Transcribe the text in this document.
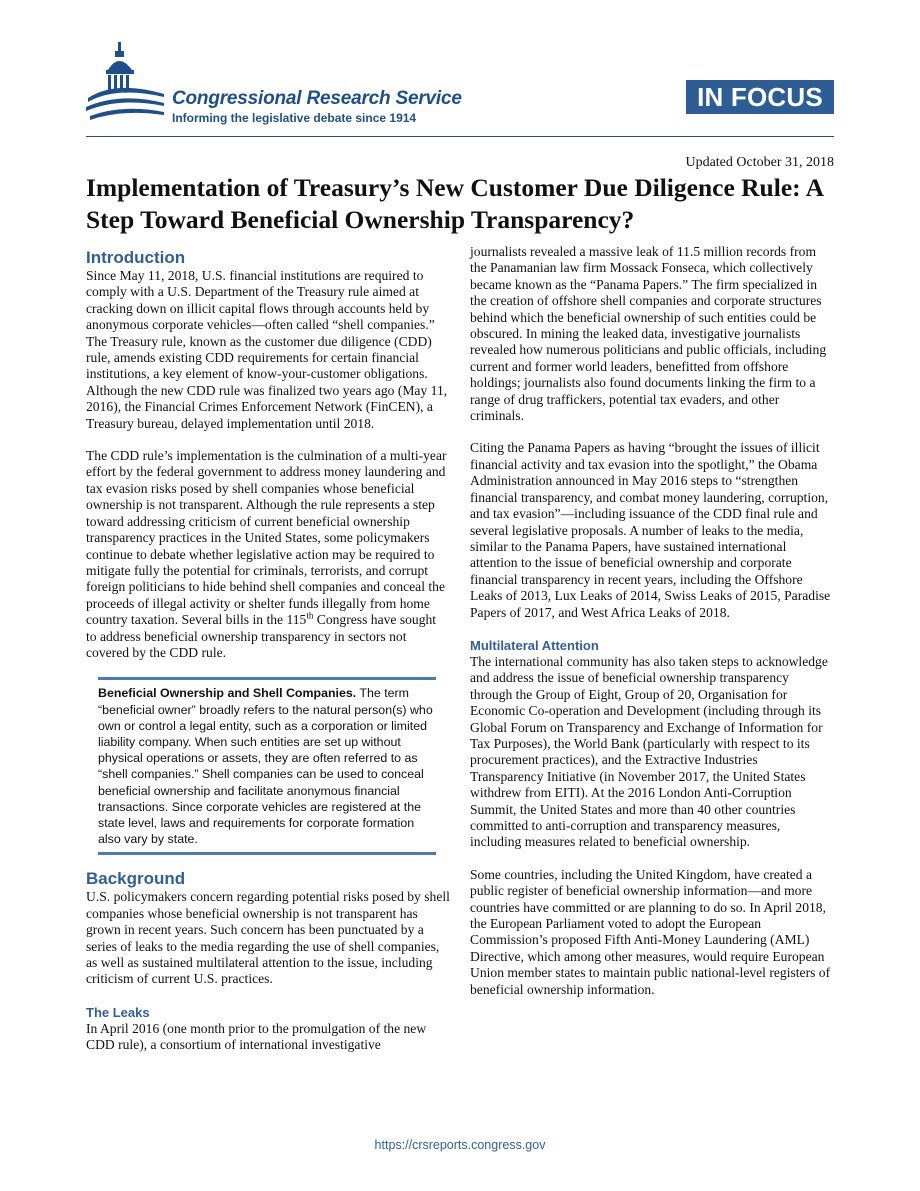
Congressional Research Service
Informing the legislative debate since 1914
IN FOCUS
Updated October 31, 2018
Implementation of Treasury’s New Customer Due Diligence Rule: A Step Toward Beneficial Ownership Transparency?
Introduction

Since May 11, 2018, U.S. financial institutions are required to comply with a U.S. Department of the Treasury rule aimed at cracking down on illicit capital flows through accounts held by anonymous corporate vehicles—often called “shell companies.” The Treasury rule, known as the customer due diligence (CDD) rule, amends existing CDD requirements for certain financial institutions, a key element of know-your-customer obligations. Although the new CDD rule was finalized two years ago (May 11, 2016), the Financial Crimes Enforcement Network (FinCEN), a Treasury bureau, delayed implementation until 2018.

The CDD rule’s implementation is the culmination of a multi-year effort by the federal government to address money laundering and tax evasion risks posed by shell companies whose beneficial ownership is not transparent. Although the rule represents a step toward addressing criticism of current beneficial ownership transparency practices in the United States, some policymakers continue to debate whether legislative action may be required to mitigate fully the potential for criminals, terrorists, and corrupt foreign politicians to hide behind shell companies and conceal the proceeds of illegal activity or shelter funds illegally from home country taxation. Several bills in the 115th Congress have sought to address beneficial ownership transparency in sectors not covered by the CDD rule.

Beneficial Ownership and Shell Companies. The term “beneficial owner” broadly refers to the natural person(s) who own or control a legal entity, such as a corporation or limited liability company. When such entities are set up without physical operations or assets, they are often referred to as “shell companies.” Shell companies can be used to conceal beneficial ownership and facilitate anonymous financial transactions. Since corporate vehicles are registered at the state level, laws and requirements for corporate formation also vary by state.
Background

U.S. policymakers concern regarding potential risks posed by shell companies whose beneficial ownership is not transparent has grown in recent years. Such concern has been punctuated by a series of leaks to the media regarding the use of shell companies, as well as sustained multilateral attention to the issue, including criticism of current U.S. practices.

The Leaks

In April 2016 (one month prior to the promulgation of the new CDD rule), a consortium of international investigative

journalists revealed a massive leak of 11.5 million records from the Panamanian law firm Mossack Fonseca, which collectively became known as the “Panama Papers.” The firm specialized in the creation of offshore shell companies and corporate structures behind which the beneficial ownership of such entities could be obscured. In mining the leaked data, investigative journalists revealed how numerous politicians and public officials, including current and former world leaders, benefitted from offshore holdings; journalists also found documents linking the firm to a range of drug traffickers, potential tax evaders, and other criminals.

Citing the Panama Papers as having “brought the issues of illicit financial activity and tax evasion into the spotlight,” the Obama Administration announced in May 2016 steps to “strengthen financial transparency, and combat money laundering, corruption, and tax evasion”—including issuance of the CDD final rule and several legislative proposals. A number of leaks to the media, similar to the Panama Papers, have sustained international attention to the issue of beneficial ownership and corporate financial transparency in recent years, including the Offshore Leaks of 2013, Lux Leaks of 2014, Swiss Leaks of 2015, Paradise Papers of 2017, and West Africa Leaks of 2018.

Multilateral Attention

The international community has also taken steps to acknowledge and address the issue of beneficial ownership transparency through the Group of Eight, Group of 20, Organisation for Economic Co-operation and Development (including through its Global Forum on Transparency and Exchange of Information for Tax Purposes), the World Bank (particularly with respect to its procurement practices), and the Extractive Industries Transparency Initiative (in November 2017, the United States withdrew from EITI). At the 2016 London Anti-Corruption Summit, the United States and more than 40 other countries committed to anti-corruption and transparency measures, including measures related to beneficial ownership.

Some countries, including the United Kingdom, have created a public register of beneficial ownership information—and more countries have committed or are planning to do so. In April 2018, the European Parliament voted to adopt the European Commission’s proposed Fifth Anti-Money Laundering (AML) Directive, which among other measures, would require European Union member states to maintain public national-level registers of beneficial ownership information.

https://crsreports.congress.gov
